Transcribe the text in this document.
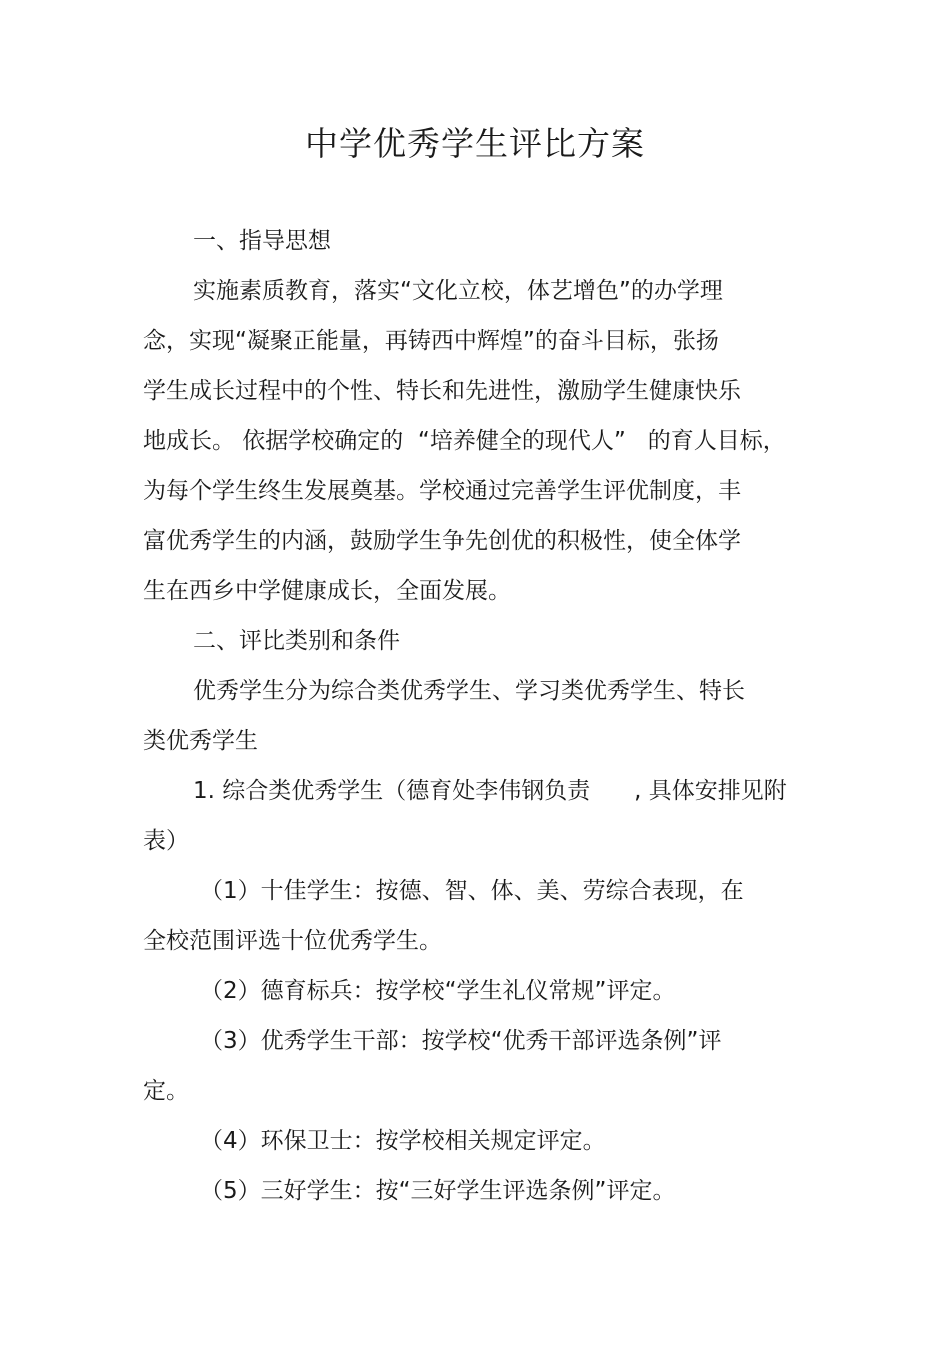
中学优秀学生评比方案
一、指导思想
实施素质教育，落实“文化立校，体艺增色”的办学理
念，实现“凝聚正能量，再铸西中辉煌”的奋斗目标，张扬
学生成长过程中的个性、特长和先进性，激励学生健康快乐
地成长。 依据学校确定的  “培养健全的现代人”   的育人目标，
为每个学生终生发展奠基。学校通过完善学生评优制度，丰
富优秀学生的内涵，鼓励学生争先创优的积极性，使全体学
生在西乡中学健康成长，全面发展。
二、评比类别和条件
优秀学生分为综合类优秀学生、学习类优秀学生、特长
类优秀学生
1. 综合类优秀学生（德育处李伟钢负责      , 具体安排见附
表）
（1）十佳学生：按德、智、体、美、劳综合表现，在
全校范围评选十位优秀学生。
（2）德育标兵：按学校“学生礼仪常规”评定。
（3）优秀学生干部：按学校“优秀干部评选条例”评
定。
（4）环保卫士：按学校相关规定评定。
（5）三好学生：按“三好学生评选条例”评定。
